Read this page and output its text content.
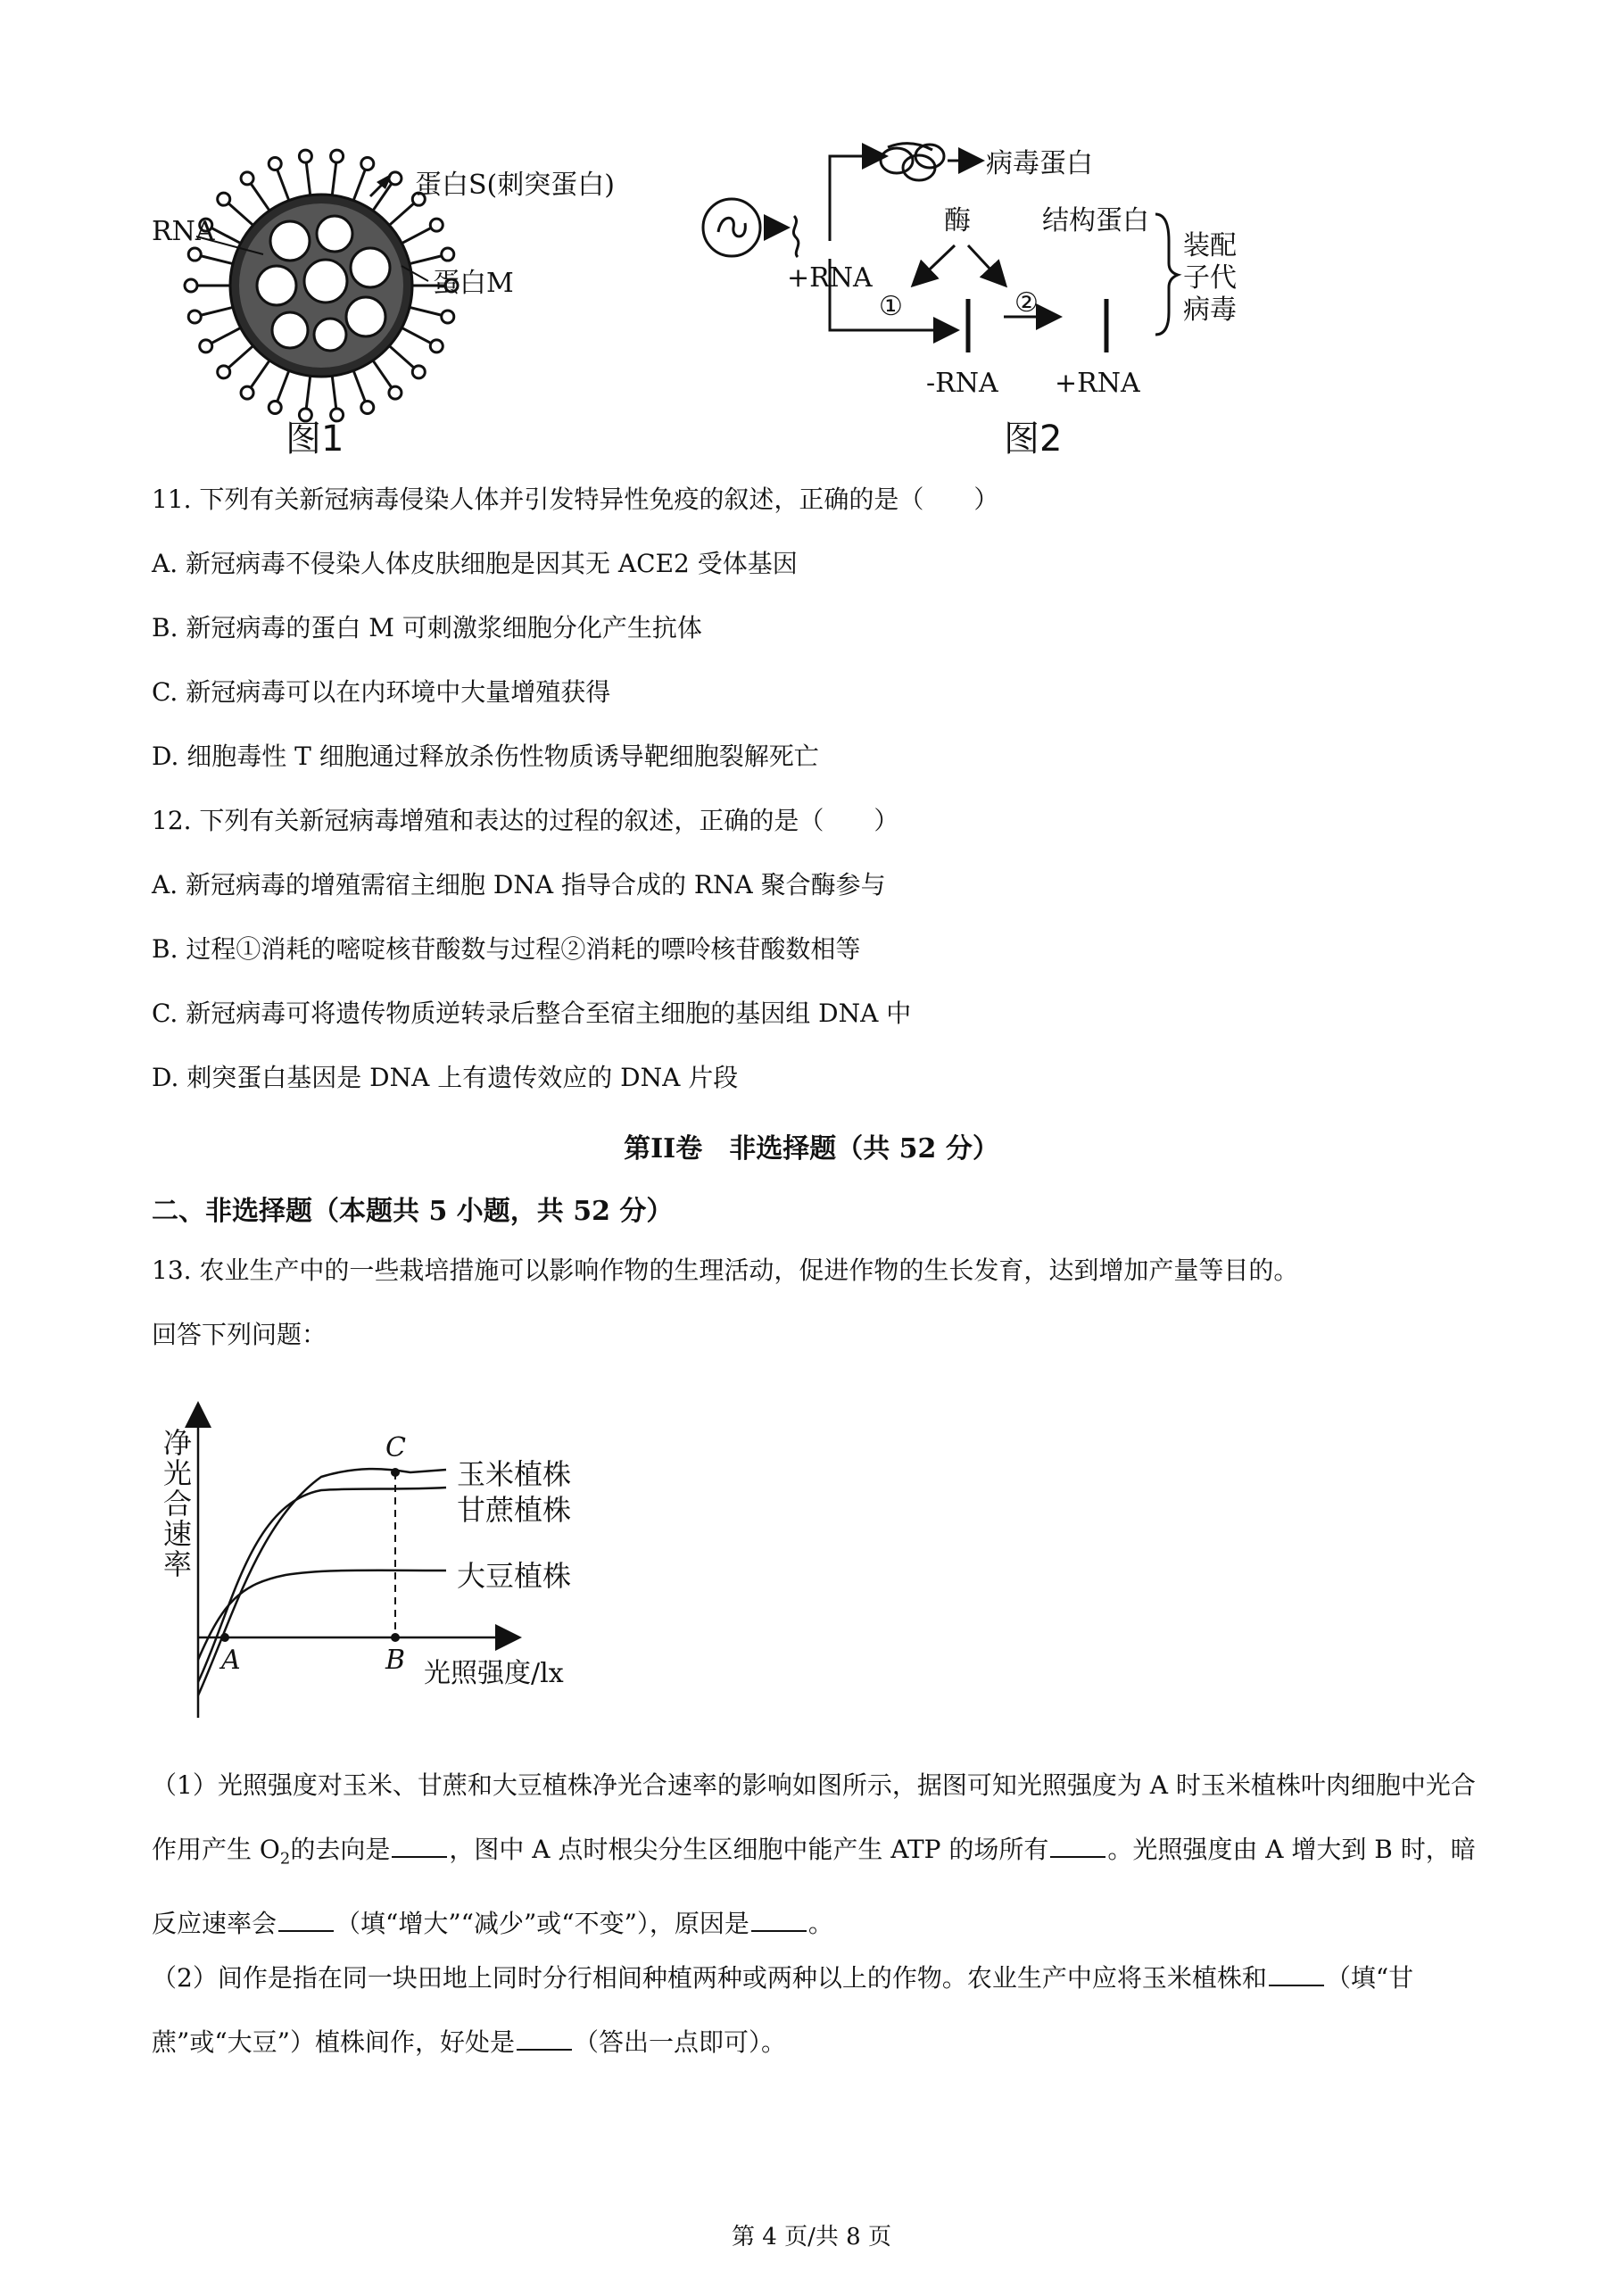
RNA
蛋白S(刺突蛋白)
蛋白M
图1
病毒蛋白
酶	结构蛋白
+RNA
①	②
-RNA +RNA
装配
子代
病毒
图2
11. 下列有关新冠病毒侵染人体并引发特异性免疫的叙述，正确的是（　　）
A. 新冠病毒不侵染人体皮肤细胞是因其无 ACE2 受体基因
B. 新冠病毒的蛋白 M 可刺激浆细胞分化产生抗体
C. 新冠病毒可以在内环境中大量增殖获得
D. 细胞毒性 T 细胞通过释放杀伤性物质诱导靶细胞裂解死亡
12. 下列有关新冠病毒增殖和表达的过程的叙述，正确的是（　　）
A. 新冠病毒的增殖需宿主细胞 DNA 指导合成的 RNA 聚合酶参与
B. 过程①消耗的嘧啶核苷酸数与过程②消耗的嘌呤核苷酸数相等
C. 新冠病毒可将遗传物质逆转录后整合至宿主细胞的基因组 DNA 中
D. 刺突蛋白基因是 DNA 上有遗传效应的 DNA 片段
第II卷　非选择题（共 52 分）
二、非选择题（本题共 5 小题，共 52 分）
13. 农业生产中的一些栽培措施可以影响作物的生理活动，促进作物的生长发育，达到增加产量等目的。
回答下列问题：
净光合速率
光照强度/lx
A	B
C
玉米植株
甘蔗植株
大豆植株
（1）光照强度对玉米、甘蔗和大豆植株净光合速率的影响如图所示，据图可知光照强度为 A 时玉米植株叶肉细胞中光合作用产生 $O_2$的去向是 ，图中 A 点时根尖分生区细胞中能产生 ATP 的场所有 。光照强度由 A 增大到 B 时，暗反应速率会 （填“增大”“减少”或“不变”），原因是 。
（2）间作是指在同一块田地上同时分行相间种植两种或两种以上的作物。农业生产中应将玉米植株和 （填“甘蔗”或“大豆”）植株间作，好处是 （答出一点即可）。
第 4 页/共 8 页
